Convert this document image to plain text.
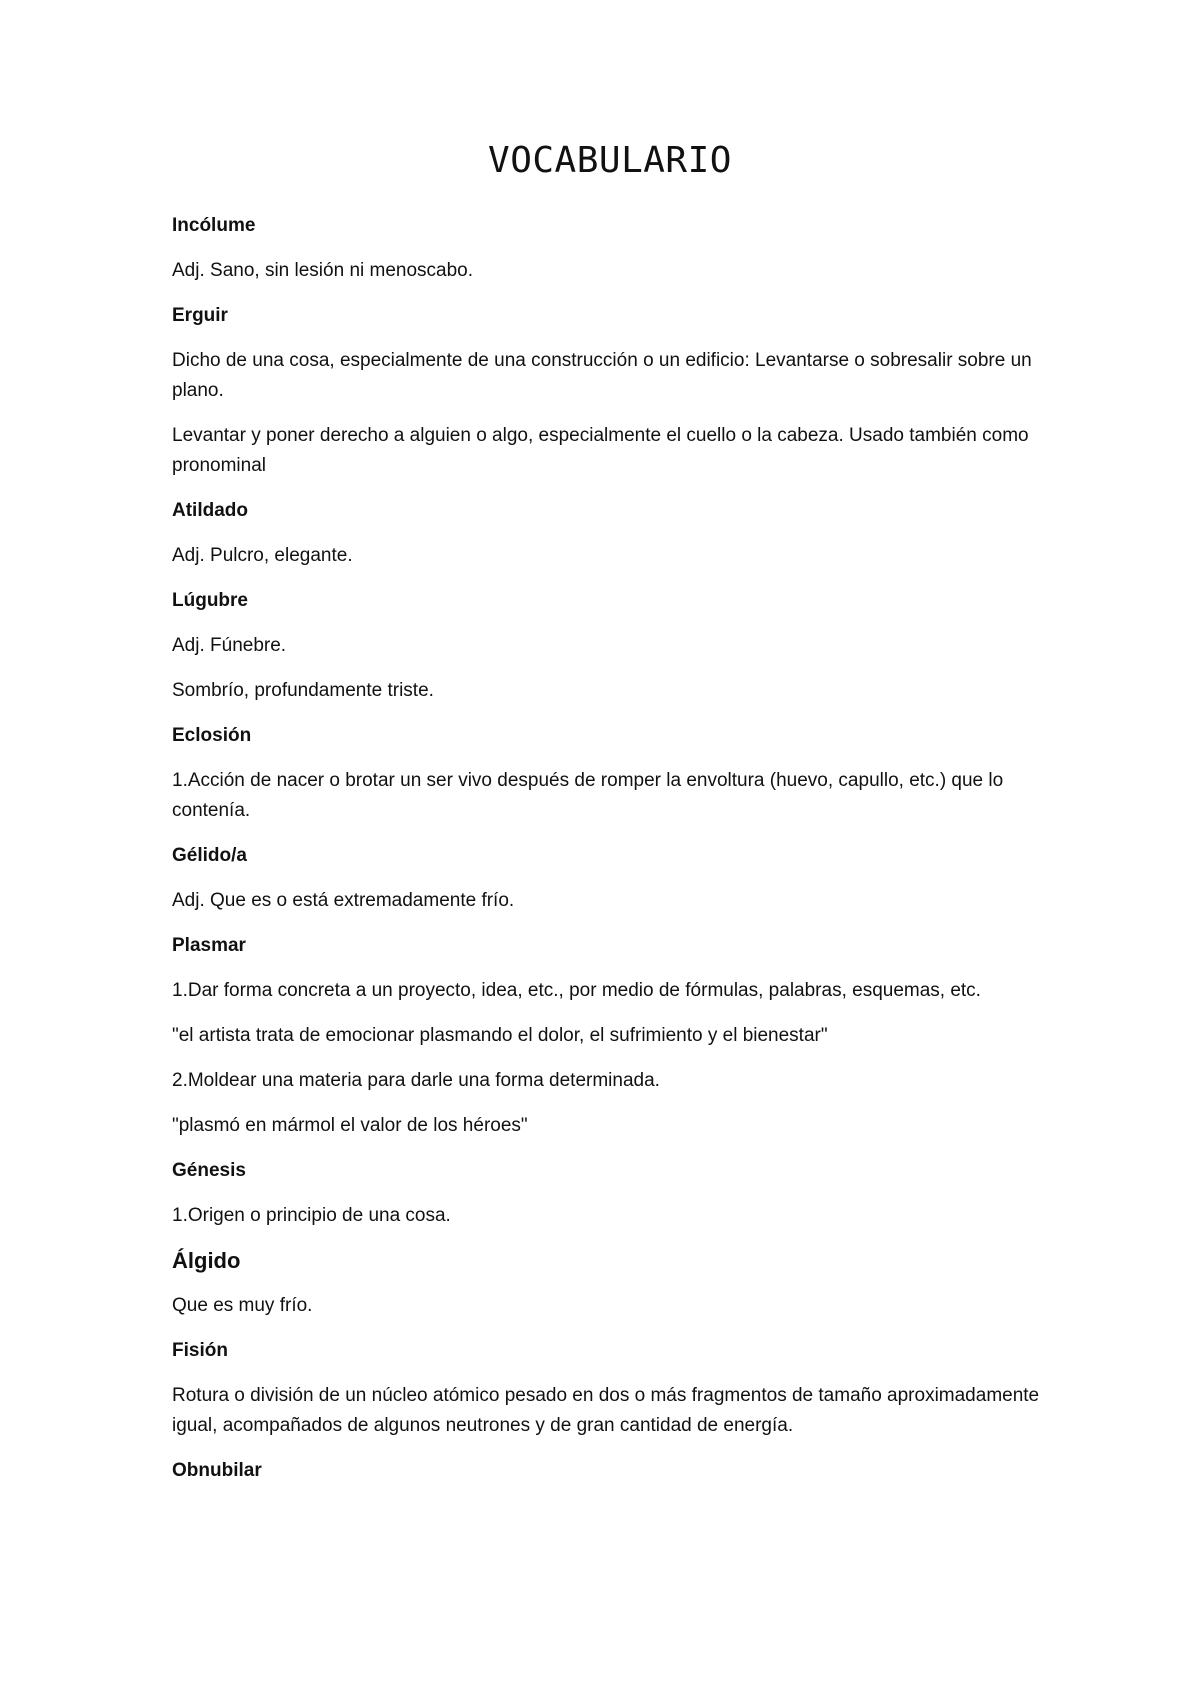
VOCABULARIO

Incólume

Adj. Sano, sin lesión ni menoscabo.

Erguir

Dicho de una cosa, especialmente de una construcción o un edificio: Levantarse o sobresalir sobre un plano.

Levantar y poner derecho a alguien o algo, especialmente el cuello o la cabeza. Usado también como pronominal

Atildado

Adj. Pulcro, elegante.

Lúgubre

Adj. Fúnebre.

Sombrío, profundamente triste.

Eclosión

1.Acción de nacer o brotar un ser vivo después de romper la envoltura (huevo, capullo, etc.) que lo contenía.

Gélido/a

Adj. Que es o está extremadamente frío.

Plasmar

1.Dar forma concreta a un proyecto, idea, etc., por medio de fórmulas, palabras, esquemas, etc.

"el artista trata de emocionar plasmando el dolor, el sufrimiento y el bienestar"

2.Moldear una materia para darle una forma determinada.

"plasmó en mármol el valor de los héroes"

Génesis

1.Origen o principio de una cosa.

Álgido

Que es muy frío.

Fisión

Rotura o división de un núcleo atómico pesado en dos o más fragmentos de tamaño aproximadamente igual, acompañados de algunos neutrones y de gran cantidad de energía.

Obnubilar
